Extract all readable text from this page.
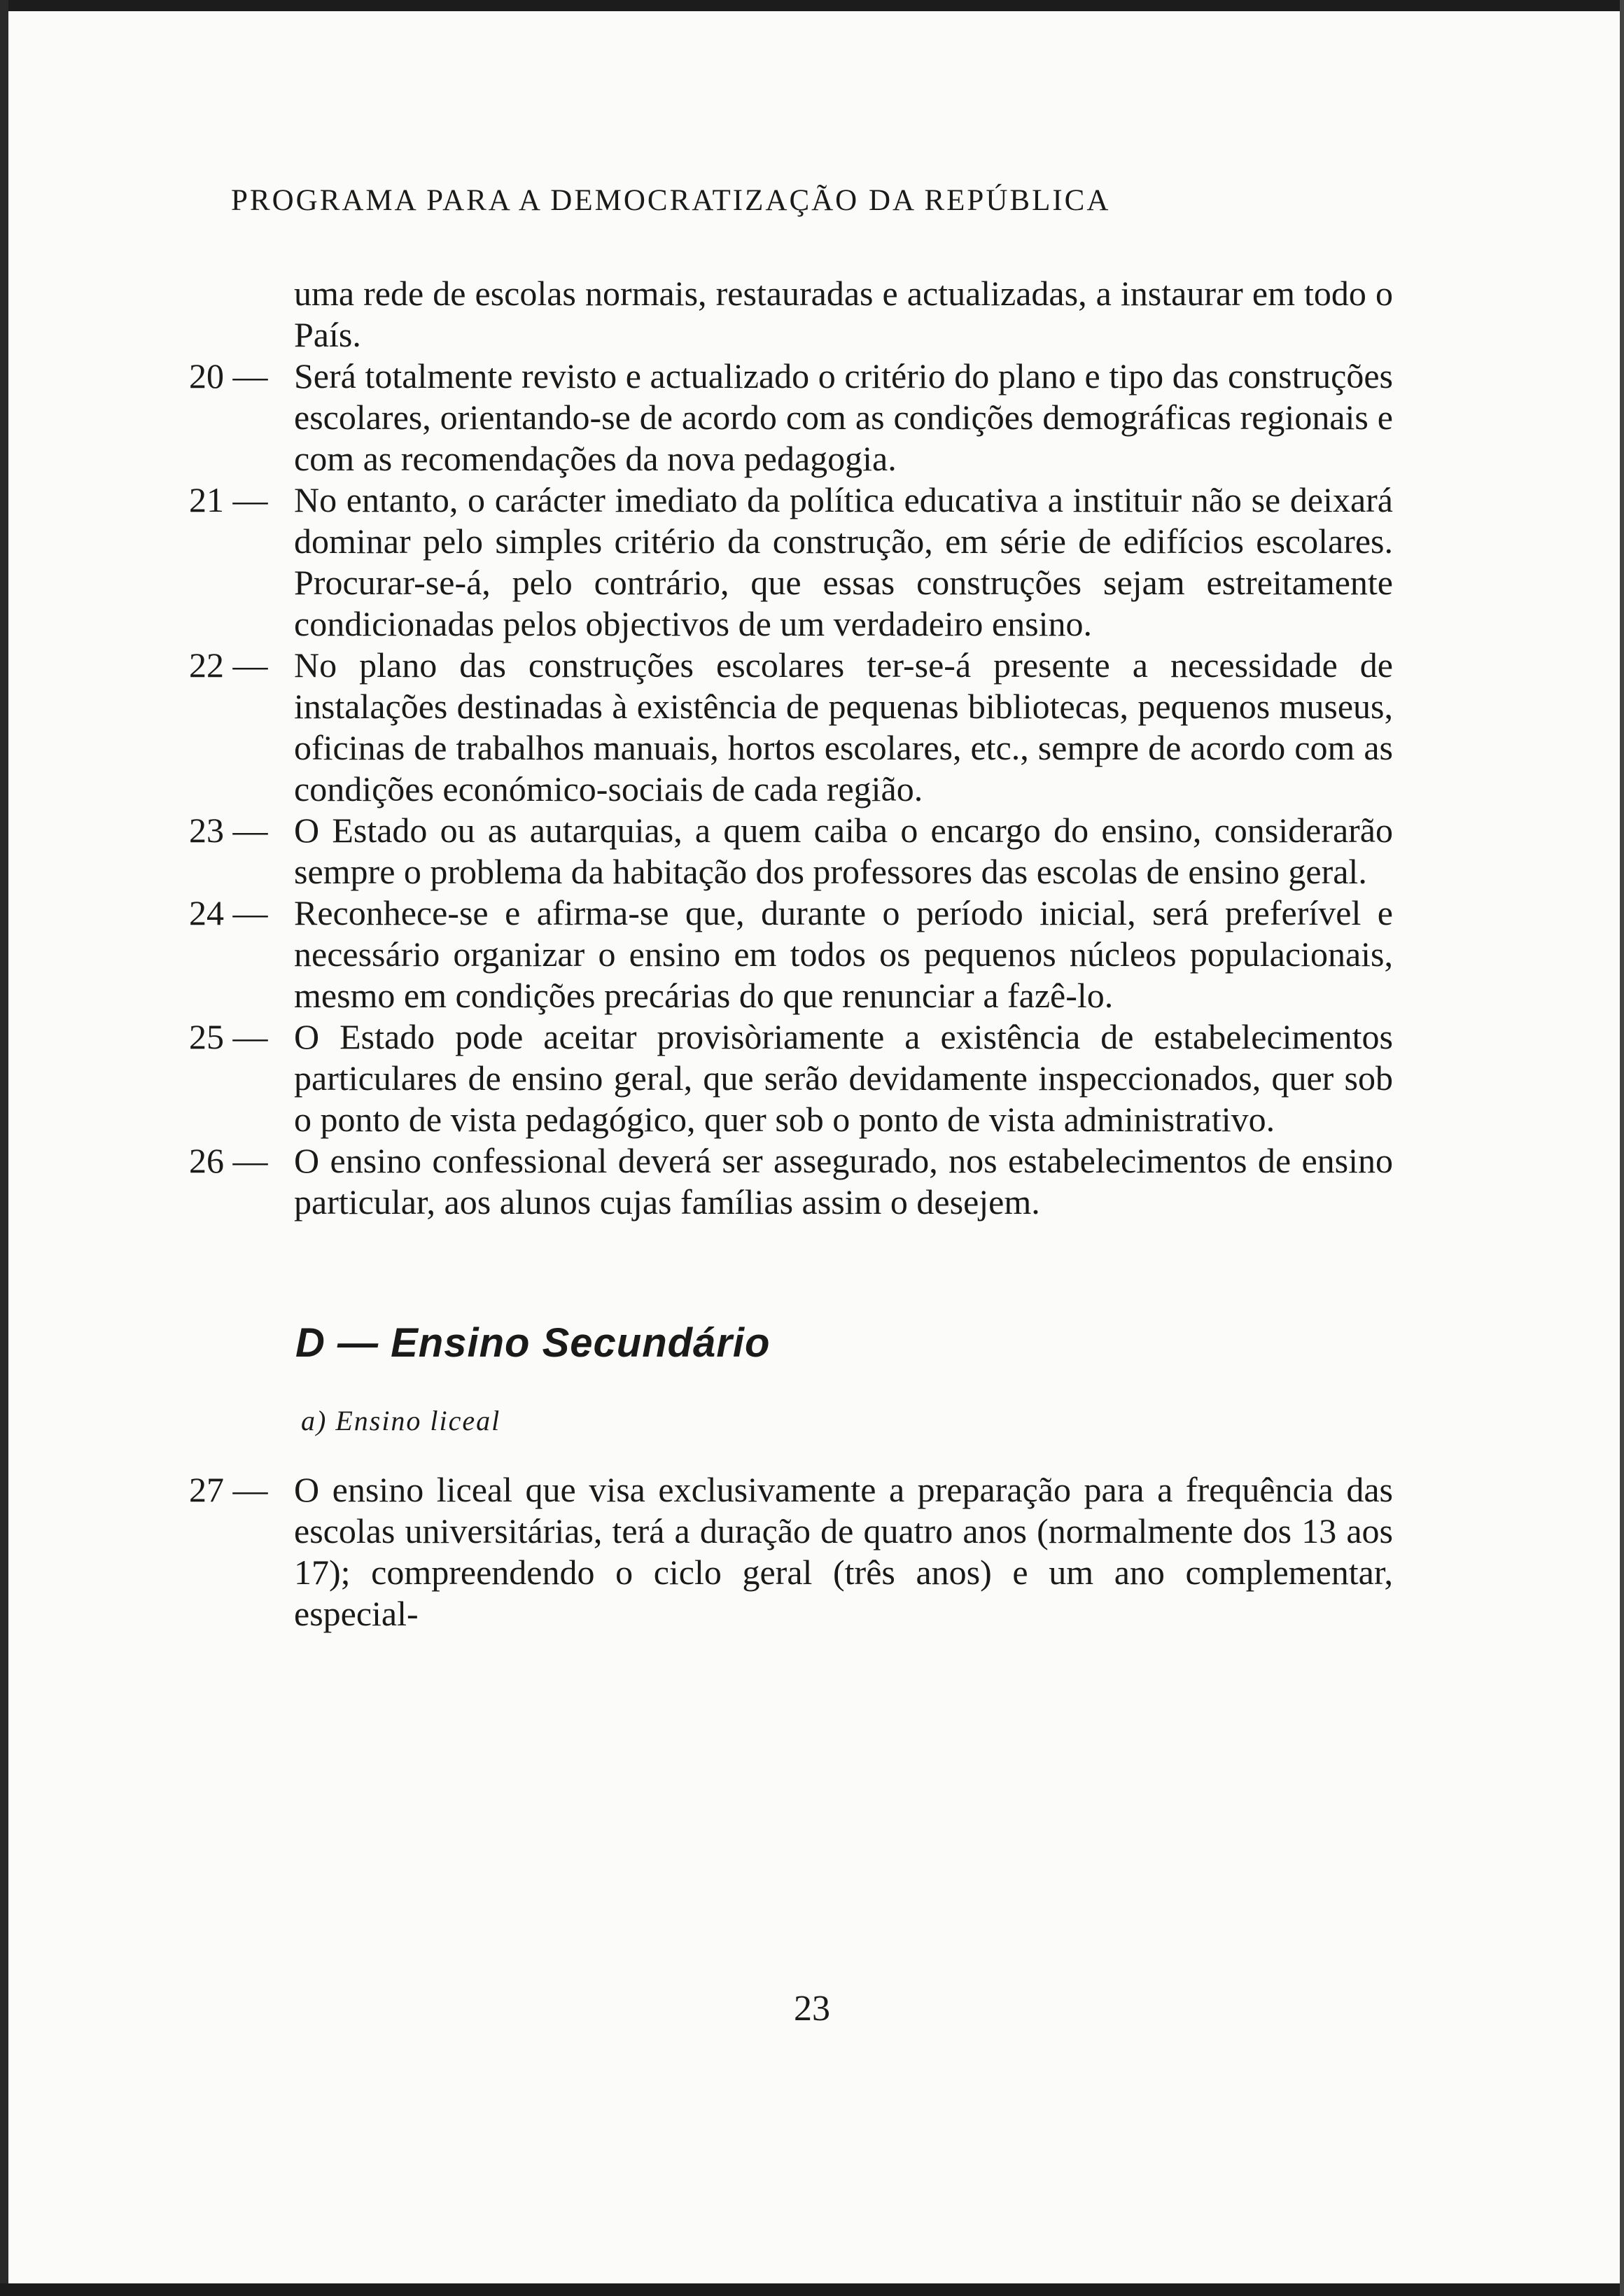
PROGRAMA PARA A DEMOCRATIZAÇÃO DA REPÚBLICA
uma rede de escolas normais, restauradas e actualizadas, a instaurar em todo o País.
20 — Será totalmente revisto e actualizado o critério do plano e tipo das construções escolares, orientando-se de acordo com as condições demográficas regionais e com as recomendações da nova pedagogia.
21 — No entanto, o carácter imediato da política educativa a instituir não se deixará dominar pelo simples critério da construção, em série de edifícios escolares. Procurar-se-á, pelo contrário, que essas construções sejam estreitamente condicionadas pelos objectivos de um verdadeiro ensino.
22 — No plano das construções escolares ter-se-á presente a necessidade de instalações destinadas à existência de pequenas bibliotecas, pequenos museus, oficinas de trabalhos manuais, hortos escolares, etc., sempre de acordo com as condições económico-sociais de cada região.
23 — O Estado ou as autarquias, a quem caiba o encargo do ensino, considerarão sempre o problema da habitação dos professores das escolas de ensino geral.
24 — Reconhece-se e afirma-se que, durante o período inicial, será preferível e necessário organizar o ensino em todos os pequenos núcleos populacionais, mesmo em condições precárias do que renunciar a fazê-lo.
25 — O Estado pode aceitar provisòriamente a existência de estabelecimentos particulares de ensino geral, que serão devidamente inspeccionados, quer sob o ponto de vista pedagógico, quer sob o ponto de vista administrativo.
26 — O ensino confessional deverá ser assegurado, nos estabelecimentos de ensino particular, aos alunos cujas famílias assim o desejem.
D — Ensino Secundário
a) Ensino liceal
27 — O ensino liceal que visa exclusivamente a preparação para a frequência das escolas universitárias, terá a duração de quatro anos (normalmente dos 13 aos 17); compreendendo o ciclo geral (três anos) e um ano complementar, especial-
23
